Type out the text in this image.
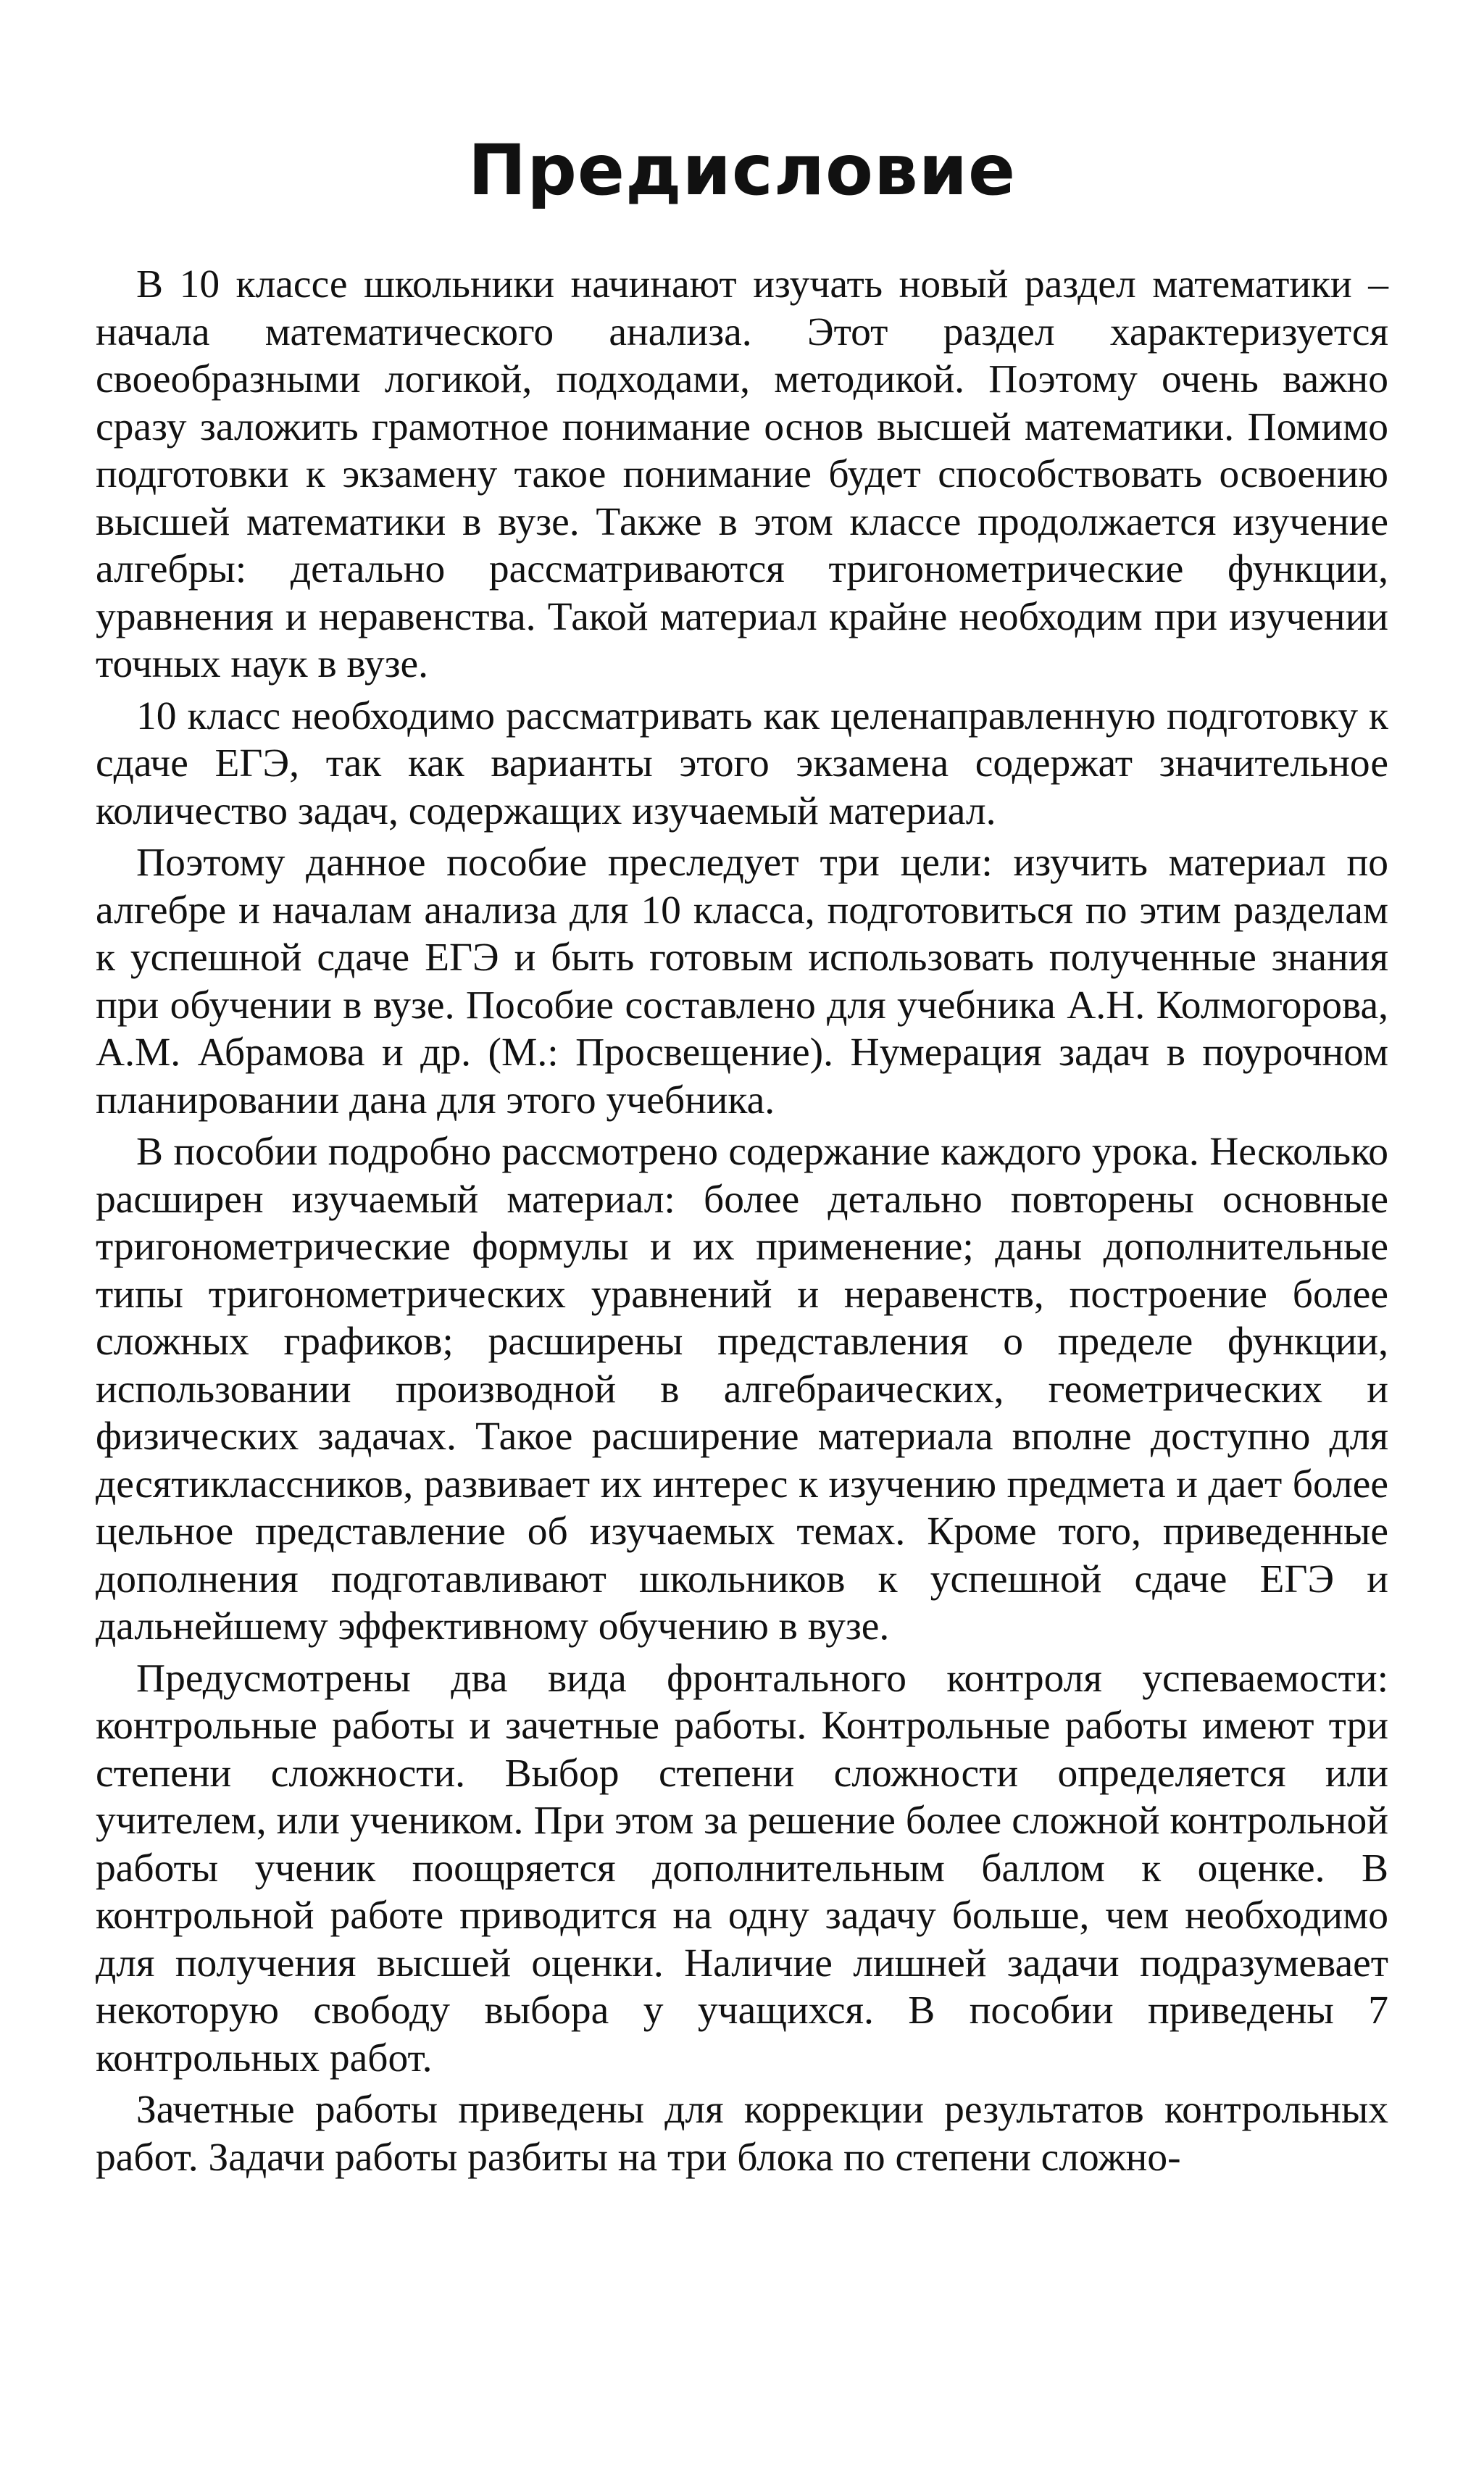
Предисловие

В 10 классе школьники начинают изучать новый раздел математики – начала математического анализа. Этот раздел характеризуется своеобразными логикой, подходами, методикой. Поэтому очень важно сразу заложить грамотное понимание основ высшей математики. Помимо подготовки к экзамену такое понимание будет способствовать освоению высшей математики в вузе. Также в этом классе продолжается изучение алгебры: детально рассматриваются тригонометрические функции, уравнения и неравенства. Такой материал крайне необходим при изучении точных наук в вузе.

10 класс необходимо рассматривать как целенаправленную подготовку к сдаче ЕГЭ, так как варианты этого экзамена содержат значительное количество задач, содержащих изучаемый материал.

Поэтому данное пособие преследует три цели: изучить материал по алгебре и началам анализа для 10 класса, подготовиться по этим разделам к успешной сдаче ЕГЭ и быть готовым использовать полученные знания при обучении в вузе. Пособие составлено для учебника А.Н. Колмогорова, А.М. Абрамова и др. (М.: Просвещение). Нумерация задач в поурочном планировании дана для этого учебника.

В пособии подробно рассмотрено содержание каждого урока. Несколько расширен изучаемый материал: более детально повторены основные тригонометрические формулы и их применение; даны дополнительные типы тригонометрических уравнений и неравенств, построение более сложных графиков; расширены представления о пределе функции, использовании производной в алгебраических, геометрических и физических задачах. Такое расширение материала вполне доступно для десятиклассников, развивает их интерес к изучению предмета и дает более цельное представление об изучаемых темах. Кроме того, приведенные дополнения подготавливают школьников к успешной сдаче ЕГЭ и дальнейшему эффективному обучению в вузе.

Предусмотрены два вида фронтального контроля успеваемости: контрольные работы и зачетные работы. Контрольные работы имеют три степени сложности. Выбор степени сложности определяется или учителем, или учеником. При этом за решение более сложной контрольной работы ученик поощряется дополнительным баллом к оценке. В контрольной работе приводится на одну задачу больше, чем необходимо для получения высшей оценки. Наличие лишней задачи подразумевает некоторую свободу выбора у учащихся. В пособии приведены 7 контрольных работ.

Зачетные работы приведены для коррекции результатов контрольных работ. Задачи работы разбиты на три блока по степени сложно-
